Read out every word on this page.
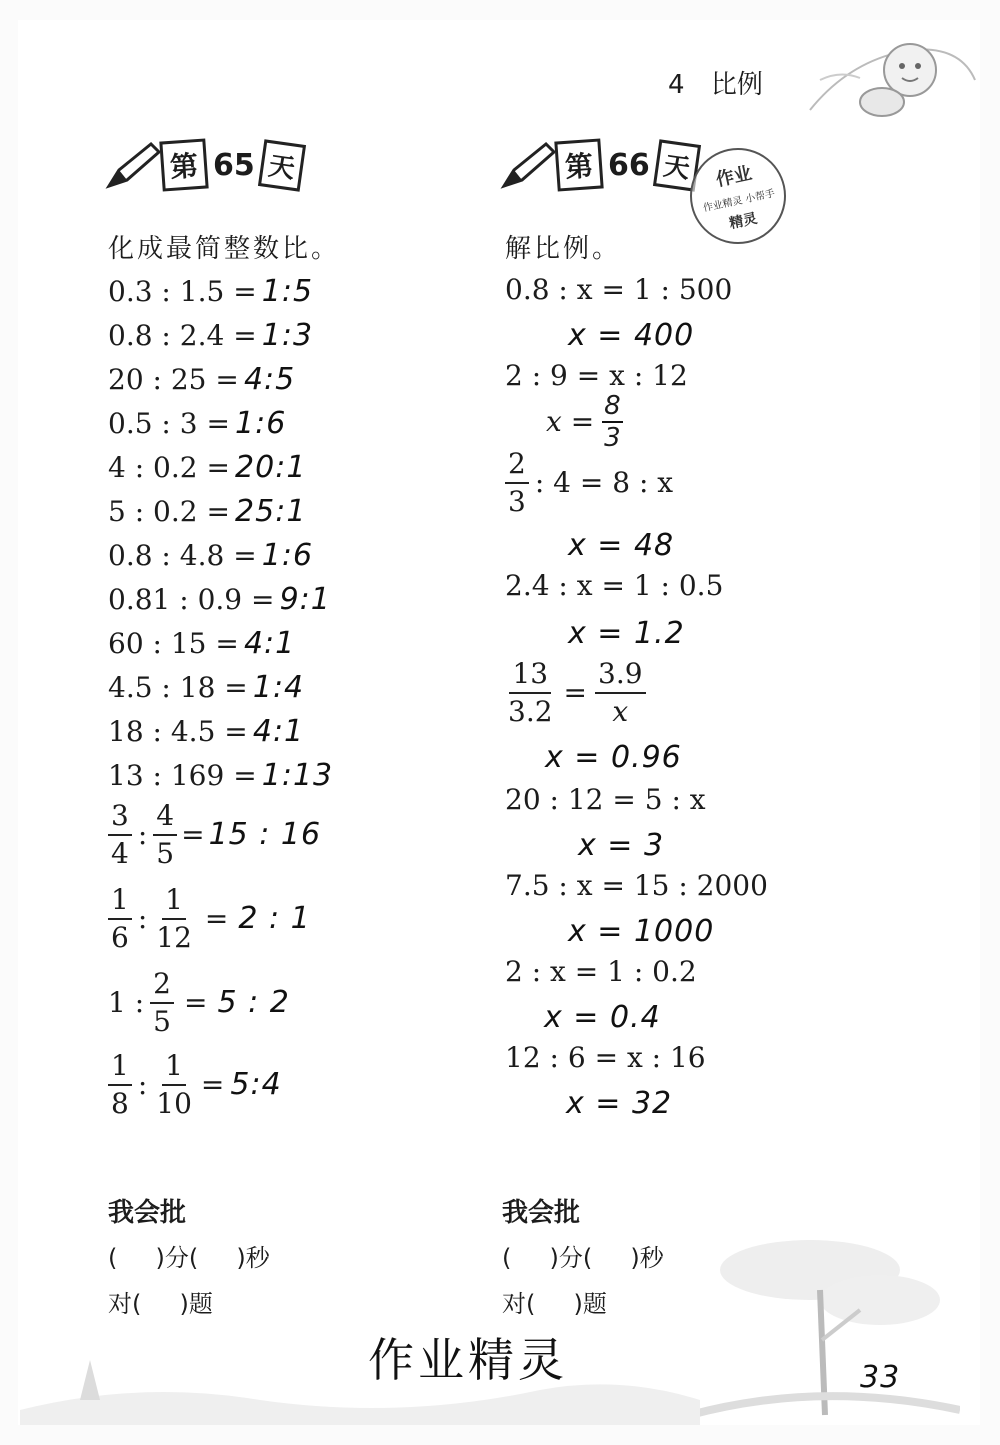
4 比例
第 65 天
化成最简整数比。
0.3 : 1.5 = 1:5
0.8 : 2.4 = 1:3
20 : 25 = 4:5
0.5 : 3 = 1:6
4 : 0.2 = 20:1
5 : 0.2 = 25:1
0.8 : 4.8 = 1:6
0.81 : 0.9 = 9:1
60 : 15 = 4:1
4.5 : 18 = 1:4
18 : 4.5 = 4:1
13 : 169 = 1:13
$\frac{3}{4}$ : $\frac{4}{5} = 15$ : 16
$\frac{1}{6}$ : $\frac{1}{12} = 2$ : 1
1 : $\frac{2}{5} = 5$ : 2
$\frac{1}{8}$ : $\frac{1}{10}$ = 5:4
我会批
(     )分(     )秒
对(     )题
第 66 天	作业
作业精灵 小帮手
精灵
解比例。
0.8 : x = 1 : 500
x = 400
2 : 9 = x : 12
$x = \frac{8}{3}$
$\frac{2}{3}$ : 4 = 8 : x
x = 48
2.4 : x = 1 : 0.5
x = 1.2
$\frac{13}{3.2} = \frac{3.9}{x}$
x = 0.96
20 : 12 = 5 : x
x = 3
7.5 : x = 15 : 2000
x = 1000
2 : x = 1 : 0.2
x = 0.4
12 : 6 = x : 16
x = 32
我会批
(     )分(     )秒
对(     )题
作业精灵	33
